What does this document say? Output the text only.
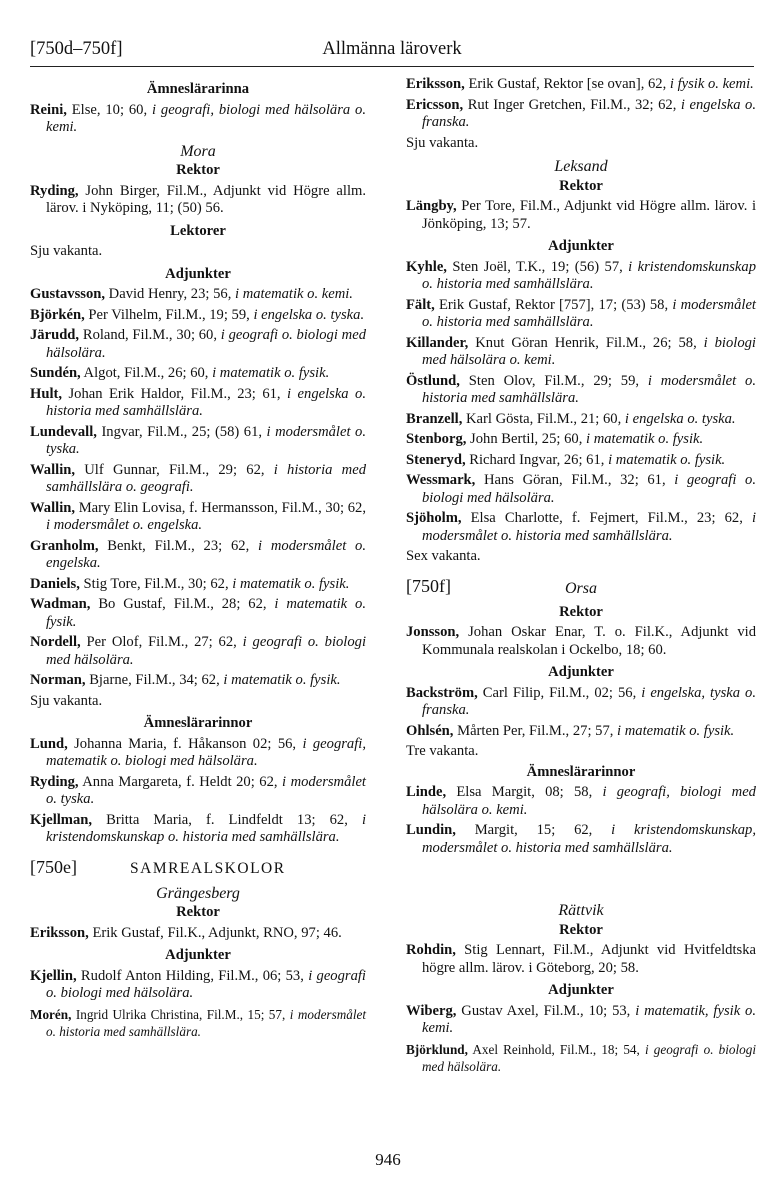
[750d–750f]	Allmänna läroverk
Ämneslärarinna

Reini, Else, 10; 60, i geografi, biologi med hälsolära o. kemi.

Mora
Rektor

Ryding, John Birger, Fil.M., Adjunkt vid Högre allm. lärov. i Nyköping, 11; (50) 56.

Lektorer

Sju vakanta.

Adjunkter

Gustavsson, David Henry, 23; 56, i matematik o. kemi.

Björkén, Per Vilhelm, Fil.M., 19; 59, i engelska o. tyska.

Järudd, Roland, Fil.M., 30; 60, i geografi o. biologi med hälsolära.

Sundén, Algot, Fil.M., 26; 60, i matematik o. fysik.

Hult, Johan Erik Haldor, Fil.M., 23; 61, i engelska o. historia med samhällslära.

Lundevall, Ingvar, Fil.M., 25; (58) 61, i modersmålet o. tyska.

Wallin, Ulf Gunnar, Fil.M., 29; 62, i historia med samhällslära o. geografi.

Wallin, Mary Elin Lovisa, f. Hermansson, Fil.M., 30; 62, i modersmålet o. engelska.

Granholm, Benkt, Fil.M., 23; 62, i modersmålet o. engelska.

Daniels, Stig Tore, Fil.M., 30; 62, i matematik o. fysik.

Wadman, Bo Gustaf, Fil.M., 28; 62, i matematik o. fysik.

Nordell, Per Olof, Fil.M., 27; 62, i geografi o. biologi med hälsolära.

Norman, Bjarne, Fil.M., 34; 62, i matematik o. fysik.

Sju vakanta.

Ämneslärarinnor

Lund, Johanna Maria, f. Håkanson 02; 56, i geografi, matematik o. biologi med hälsolära.

Ryding, Anna Margareta, f. Heldt 20; 62, i modersmålet o. tyska.

Kjellman, Britta Maria, f. Lindfeldt 13; 62, i kristendomskunskap o. historia med samhällslära.

[750e]	SAMREALSKOLOR
Grängesberg
Rektor

Eriksson, Erik Gustaf, Fil.K., Adjunkt, RNO, 97; 46.

Adjunkter

Kjellin, Rudolf Anton Hilding, Fil.M., 06; 53, i geografi o. biologi med hälsolära.

Morén, Ingrid Ulrika Christina, Fil.M., 15; 57, i modersmålet o. historia med samhällslära.

Eriksson, Erik Gustaf, Rektor [se ovan], 62, i fysik o. kemi.

Ericsson, Rut Inger Gretchen, Fil.M., 32; 62, i engelska o. franska.

Sju vakanta.

Leksand
Rektor

Längby, Per Tore, Fil.M., Adjunkt vid Högre allm. lärov. i Jönköping, 13; 57.

Adjunkter

Kyhle, Sten Joël, T.K., 19; (56) 57, i kristendomskunskap o. historia med samhällslära.

Fält, Erik Gustaf, Rektor [757], 17; (53) 58, i modersmålet o. historia med samhällslära.

Killander, Knut Göran Henrik, Fil.M., 26; 58, i biologi med hälsolära o. kemi.

Östlund, Sten Olov, Fil.M., 29; 59, i modersmålet o. historia med samhällslära.

Branzell, Karl Gösta, Fil.M., 21; 60, i engelska o. tyska.

Stenborg, John Bertil, 25; 60, i matematik o. fysik.

Steneryd, Richard Ingvar, 26; 61, i matematik o. fysik.

Wessmark, Hans Göran, Fil.M., 32; 61, i geografi o. biologi med hälsolära.

Sjöholm, Elsa Charlotte, f. Fejmert, Fil.M., 23; 62, i modersmålet o. historia med samhällslära.

Sex vakanta.

[750f]	Orsa
Rektor

Jonsson, Johan Oskar Enar, T. o. Fil.K., Adjunkt vid Kommunala realskolan i Ockelbo, 18; 60.

Adjunkter

Backström, Carl Filip, Fil.M., 02; 56, i engelska, tyska o. franska.

Ohlsén, Mårten Per, Fil.M., 27; 57, i matematik o. fysik.

Tre vakanta.

Ämneslärarinnor

Linde, Elsa Margit, 08; 58, i geografi, biologi med hälsolära o. kemi.

Lundin, Margit, 15; 62, i kristendomskunskap, modersmålet o. historia med samhällslära.

Rättvik
Rektor

Rohdin, Stig Lennart, Fil.M., Adjunkt vid Hvitfeldtska högre allm. lärov. i Göteborg, 20; 58.

Adjunkter

Wiberg, Gustav Axel, Fil.M., 10; 53, i matematik, fysik o. kemi.

Björklund, Axel Reinhold, Fil.M., 18; 54, i geografi o. biologi med hälsolära.

946
